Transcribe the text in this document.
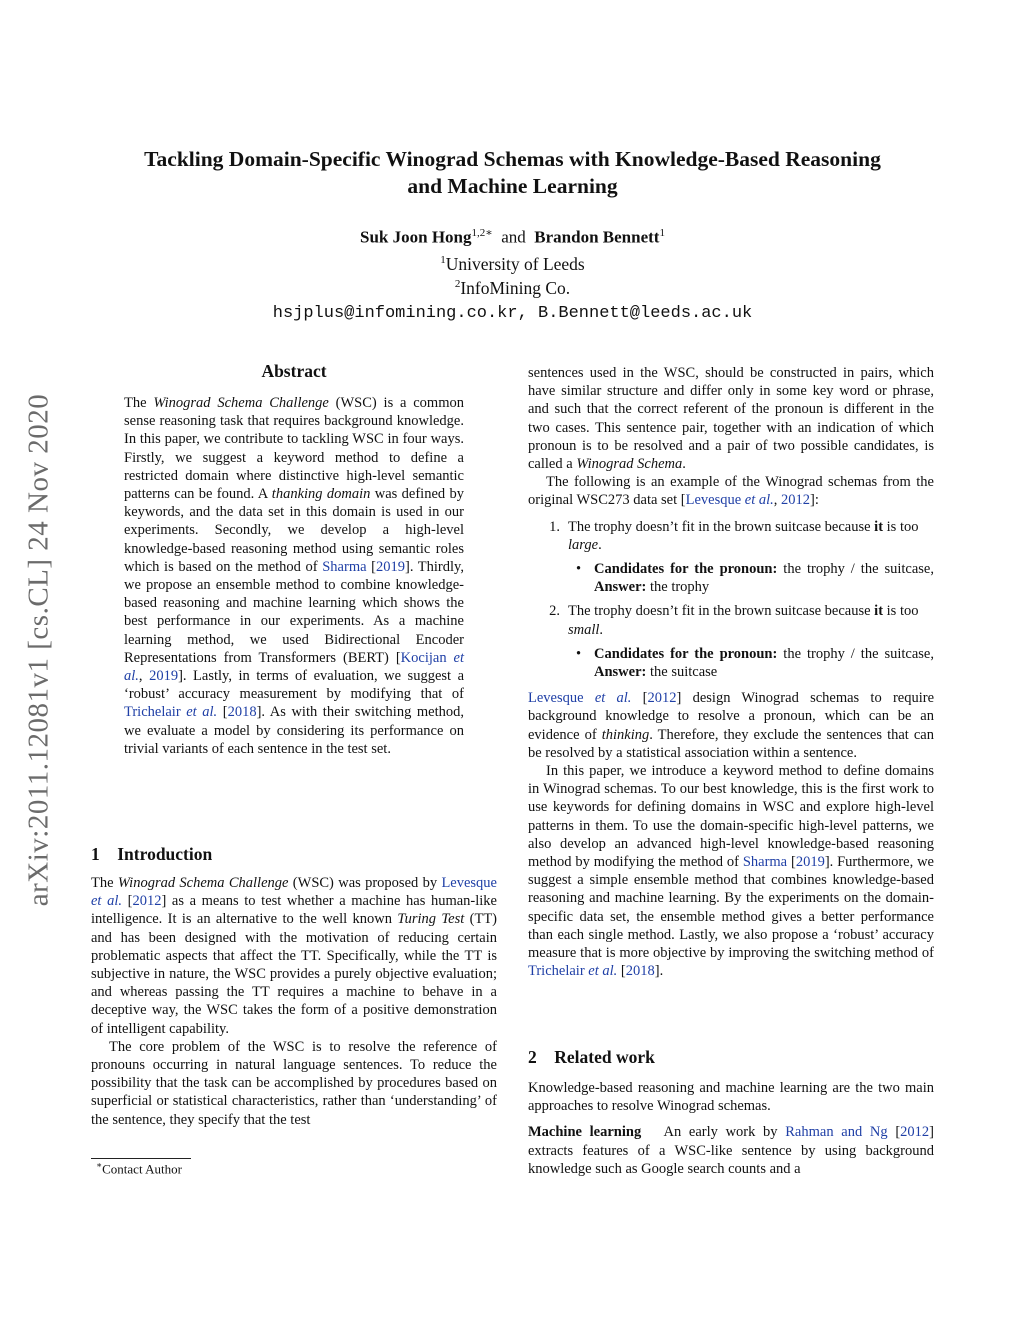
arXiv:2011.12081v1 [cs.CL] 24 Nov 2020
Tackling Domain-Specific Winograd Schemas with Knowledge-Based Reasoning
and Machine Learning
Suk Joon Hong$^{1,2∗}$ and Brandon Bennett$^1$
$^1$University of Leeds
$^2$InfoMining Co.
hsjplus@infomining.co.kr, B.Bennett@leeds.ac.uk
Abstract

The Winograd Schema Challenge (WSC) is a common sense reasoning task that requires background knowledge. In this paper, we contribute to tackling WSC in four ways. Firstly, we suggest a keyword method to define a restricted domain where distinctive high-level semantic patterns can be found. A thanking domain was defined by keywords, and the data set in this domain is used in our experiments. Secondly, we develop a high-level knowledge-based reasoning method using semantic roles which is based on the method of Sharma [2019]. Thirdly, we propose an ensemble method to combine knowledge-based reasoning and machine learning which shows the best performance in our experiments. As a machine learning method, we used Bidirectional Encoder Representations from Transformers (BERT) [Kocijan et al., 2019]. Lastly, in terms of evaluation, we suggest a ‘robust’ accuracy measurement by modifying that of Trichelair et al. [2018]. As with their switching method, we evaluate a model by considering its performance on trivial variants of each sentence in the test set.

1 Introduction

The Winograd Schema Challenge (WSC) was proposed by Levesque et al. [2012] as a means to test whether a machine has human-like intelligence. It is an alternative to the well known Turing Test (TT) and has been designed with the motivation of reducing certain problematic aspects that affect the TT. Specifically, while the TT is subjective in nature, the WSC provides a purely objective evaluation; and whereas passing the TT requires a machine to behave in a deceptive way, the WSC takes the form of a positive demonstration of intelligent capability.

The core problem of the WSC is to resolve the reference of pronouns occurring in natural language sentences. To reduce the possibility that the task can be accomplished by procedures based on superficial or statistical characteristics, rather than ‘understanding’ of the sentence, they specify that the test

∗Contact Author

sentences used in the WSC, should be constructed in pairs, which have similar structure and differ only in some key word or phrase, and such that the correct referent of the pronoun is different in the two cases. This sentence pair, together with an indication of which pronoun is to be resolved and a pair of two possible candidates, is called a Winograd Schema.

The following is an example of the Winograd schemas from the original WSC273 data set [Levesque et al., 2012]:

1. The trophy doesn’t fit in the brown suitcase because it is too large.
• Candidates for the pronoun: the trophy / the suitcase, Answer: the trophy
2. The trophy doesn’t fit in the brown suitcase because it is too small.
• Candidates for the pronoun: the trophy / the suitcase, Answer: the suitcase

Levesque et al. [2012] design Winograd schemas to require background knowledge to resolve a pronoun, which can be an evidence of thinking. Therefore, they exclude the sentences that can be resolved by a statistical association within a sentence.

In this paper, we introduce a keyword method to define domains in Winograd schemas. To our best knowledge, this is the first work to use keywords for defining domains in WSC and explore high-level patterns in them. To use the domain-specific high-level patterns, we also develop an advanced high-level knowledge-based reasoning method by modifying the method of Sharma [2019]. Furthermore, we suggest a simple ensemble method that combines knowledge-based reasoning and machine learning. By the experiments on the domain-specific data set, the ensemble method gives a better performance than each single method. Lastly, we also propose a ‘robust’ accuracy measure that is more objective by improving the switching method of Trichelair et al. [2018].

2 Related work

Knowledge-based reasoning and machine learning are the two main approaches to resolve Winograd schemas.

Machine learning   An early work by Rahman and Ng [2012] extracts features of a WSC-like sentence by using background knowledge such as Google search counts and a
